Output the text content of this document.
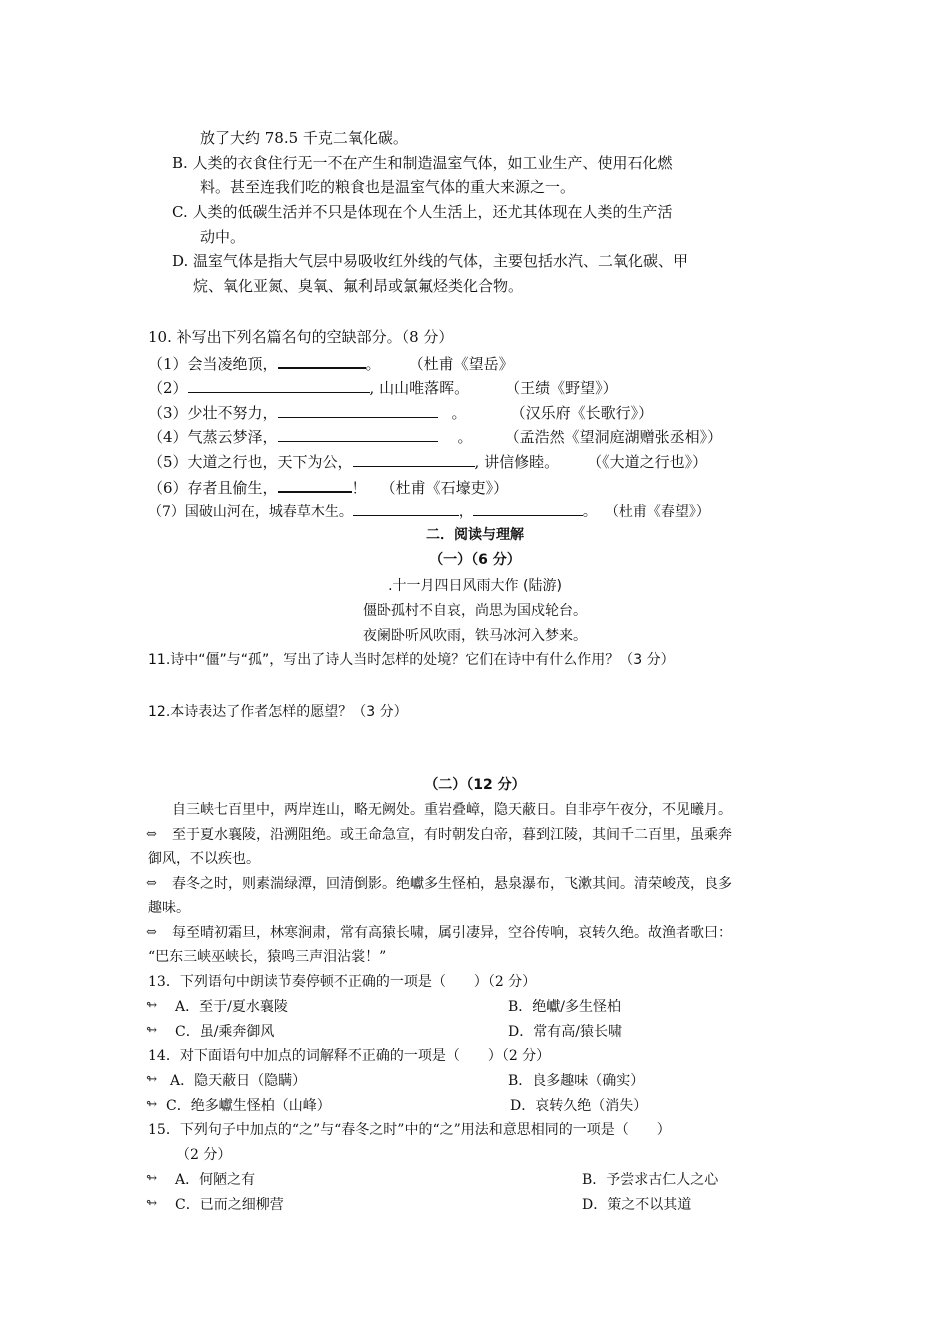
放了大约 78.5 千克二氧化碳。
B. 人类的衣食住行无一不在产生和制造温室气体，如工业生产、使用石化燃
料。甚至连我们吃的粮食也是温室气体的重大来源之一。
C. 人类的低碳生活并不只是体现在个人生活上，还尤其体现在人类的生产活
动中。
D. 温室气体是指大气层中易吸收红外线的气体，主要包括水汽、二氧化碳、甲
烷、氧化亚氮、臭氧、氟利昂或氯氟烃类化合物。
10. 补写出下列名篇名句的空缺部分。（8 分）
（1）会当凌绝顶，	。 （杜甫《望岳》
（2）	, 山山唯落晖。 （王绩《野望》）
（3）少壮不努力，	。	（汉乐府《长歌行》）
（4）气蒸云梦泽，	。 （孟浩然《望洞庭湖赠张丞相》）
（5）大道之行也，天下为公，	, 讲信修睦。 （《大道之行也》）
（6）存者且偷生，	！ （杜甫《石壕吏》）
（7）国破山河在，城春草木生。	，	。 （杜甫《春望》）
二．阅读与理解
（一）（6 分）
.十一月四日风雨大作 (陆游)
僵卧孤村不自哀，尚思为国戍轮台。
夜阑卧听风吹雨，铁马冰河入梦来。
11.诗中“僵”与“孤”，写出了诗人当时怎样的处境？它们在诗中有什么作用？（3 分）
12.本诗表达了作者怎样的愿望？（3 分）
（二）（12 分）
自三峡七百里中，两岸连山，略无阙处。重岩叠嶂，隐天蔽日。自非亭午夜分，不见曦月。
⇔ 至于夏水襄陵，沿溯阻绝。或王命急宣，有时朝发白帝，暮到江陵，其间千二百里，虽乘奔
御风，不以疾也。
⇔ 春冬之时，则素湍绿潭，回清倒影。绝巘多生怪柏，悬泉瀑布，飞漱其间。清荣峻茂，良多
趣味。
⇔ 每至晴初霜旦，林寒涧肃，常有高猿长啸，属引凄异，空谷传响，哀转久绝。故渔者歌曰：
“巴东三峡巫峡长，猿鸣三声泪沾裳！”
13．下列语句中朗读节奏停顿不正确的一项是（　　）（2 分）
↬ A．至于/夏水襄陵	B．绝巘/多生怪柏
↬ C．虽/乘奔御风	D．常有高/猿长啸
14．对下面语句中加点的词解释不正确的一项是（　　）（2 分）
↬ A．隐天蔽日（隐瞒）	B．良多趣味（确实）
↬ C．绝多巘生怪柏（山峰）	D．哀转久绝（消失）
15．下列句子中加点的“之”与“春冬之时”中的“之”用法和意思相同的一项是（　　）
（2 分）
↬ A．何陋之有	B．予尝求古仁人之心
↬ C．已而之细柳营	D．策之不以其道
